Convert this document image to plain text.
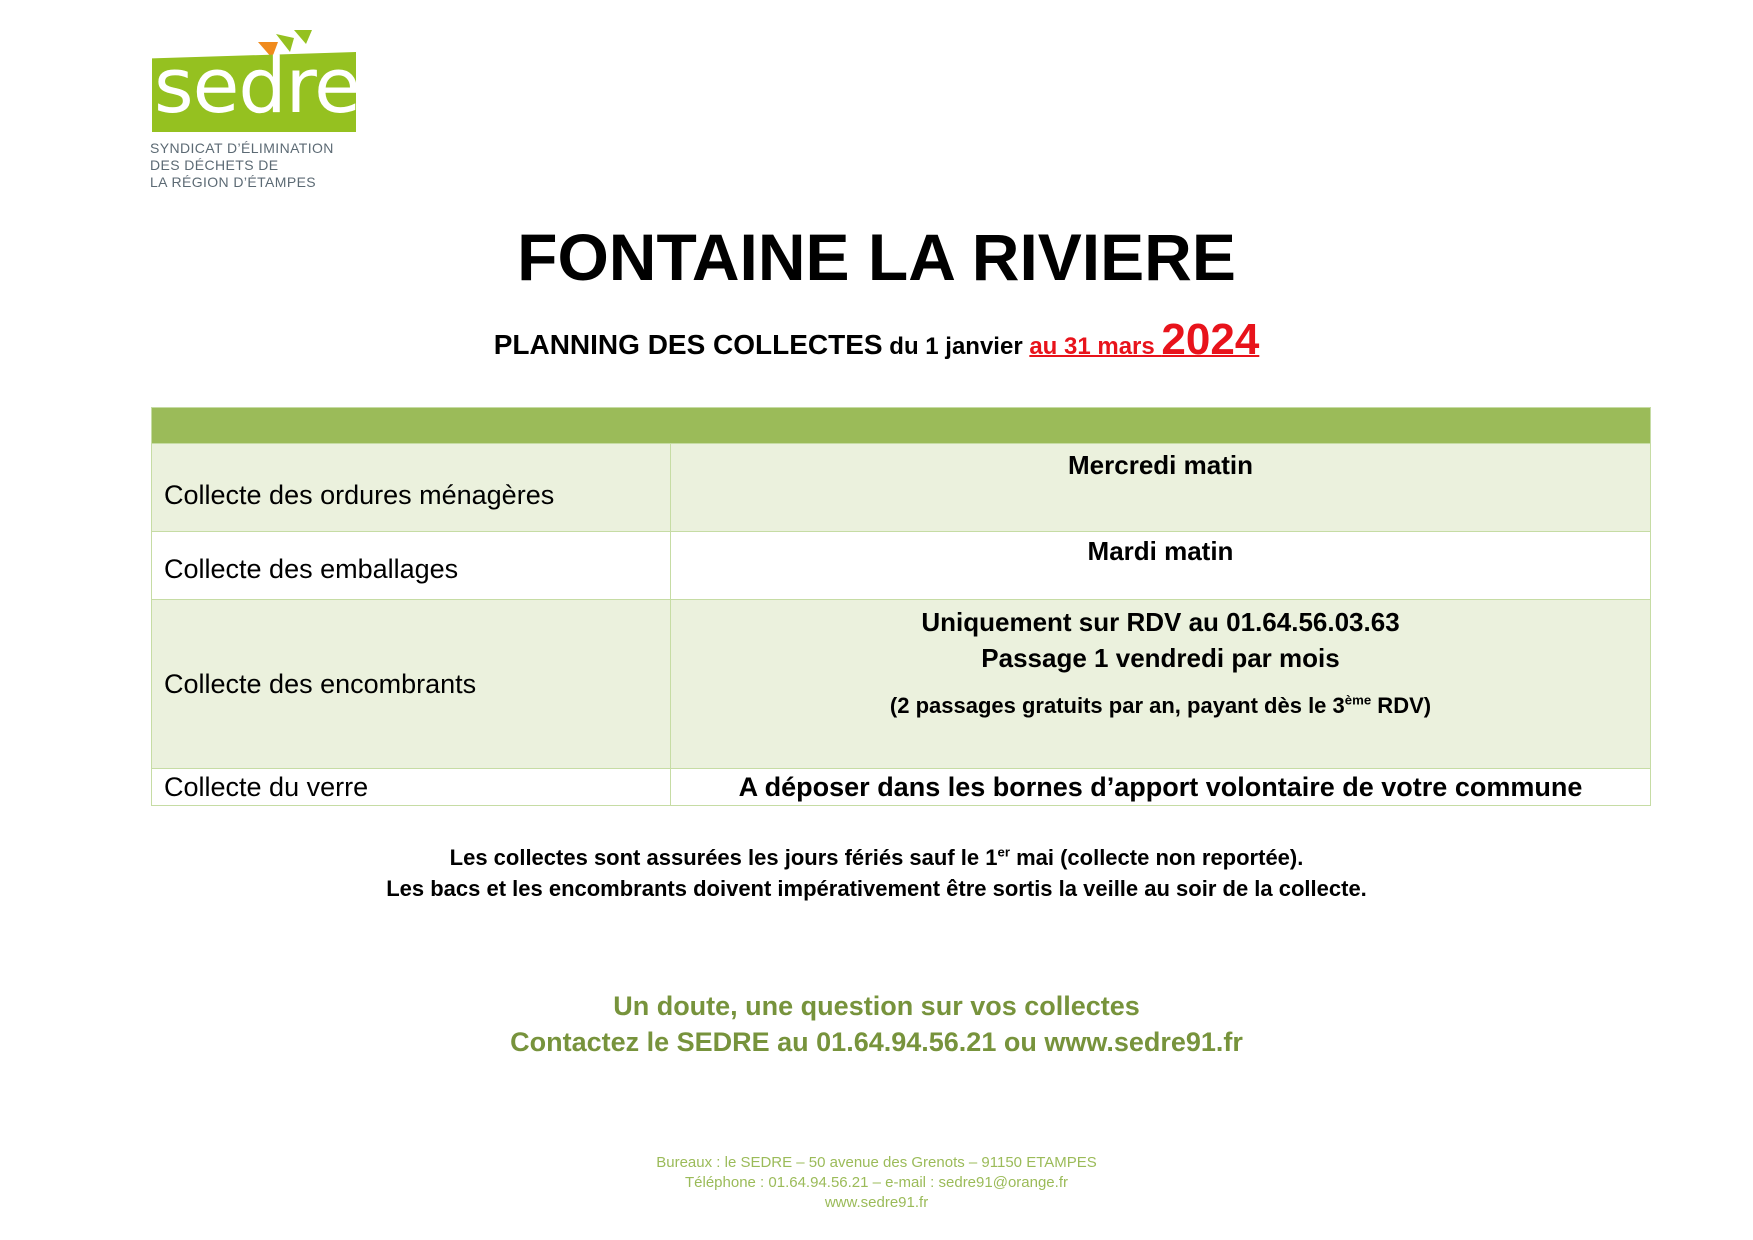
sedre
SYNDICAT D’ÉLIMINATION
DES DÉCHETS DE
LA RÉGION D’ÉTAMPES
FONTAINE LA RIVIERE
PLANNING DES COLLECTES du 1 janvier au 31 mars 2024

Collecte des ordures ménagères	Mercredi matin
Collecte des emballages	Mardi matin
Collecte des encombrants	Uniquement sur RDV au 01.64.56.03.63
Passage 1 vendredi par mois
(2 passages gratuits par an, payant dès le 3ème RDV)

Collecte du verre	A déposer dans les bornes d’apport volontaire de votre commune
Les collectes sont assurées les jours fériés sauf le 1er mai (collecte non reportée).
Les bacs et les encombrants doivent impérativement être sortis la veille au soir de la collecte.
Un doute, une question sur vos collectes
Contactez le SEDRE au 01.64.94.56.21 ou www.sedre91.fr
Bureaux : le SEDRE – 50 avenue des Grenots – 91150 ETAMPES
Téléphone : 01.64.94.56.21 – e-mail : sedre91@orange.fr
www.sedre91.fr
